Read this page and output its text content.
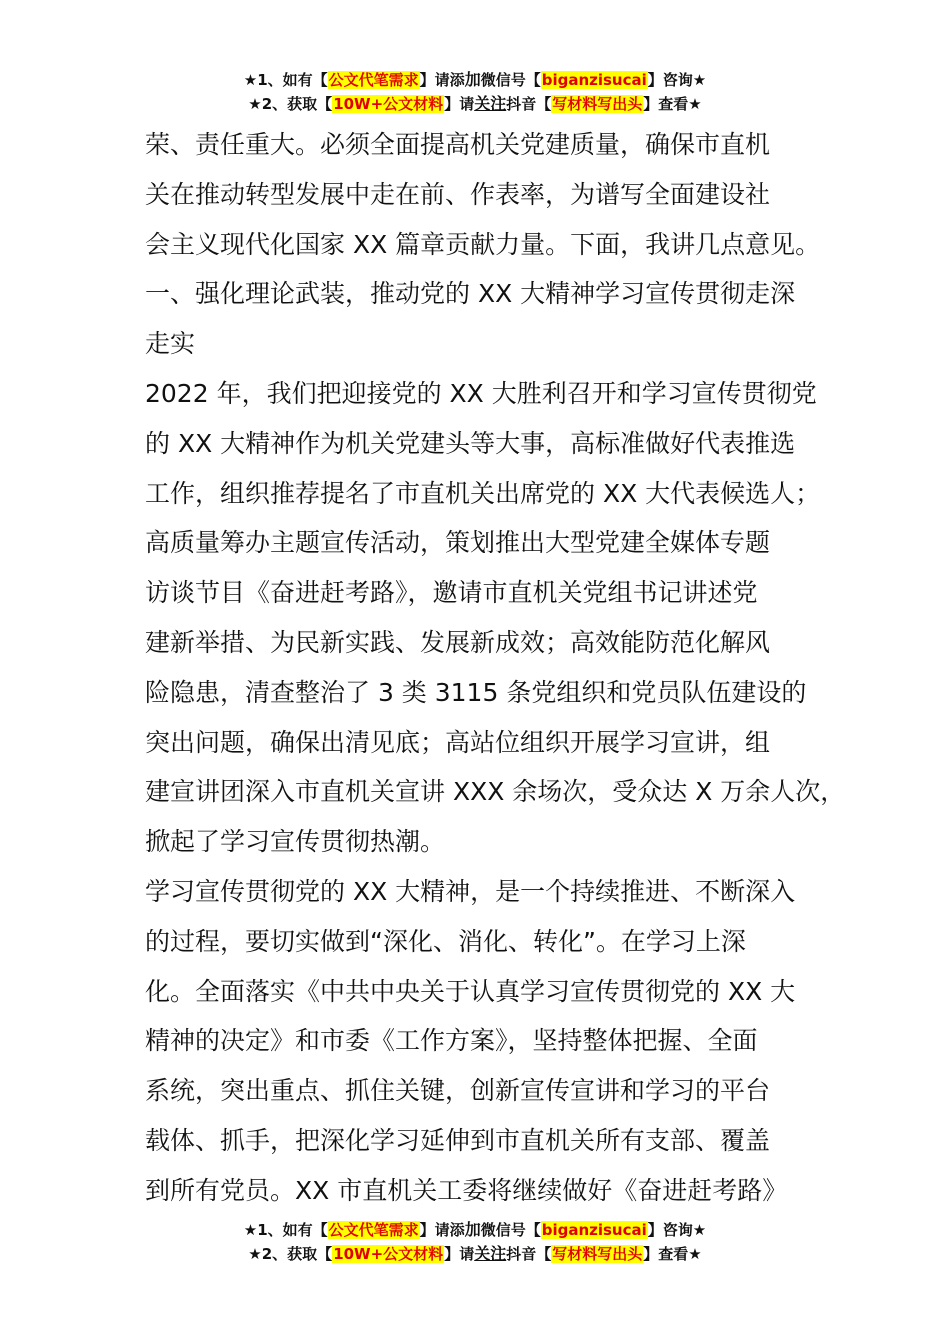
★1、如有【公文代笔需求】请添加微信号【biganzisucai】咨询★
★2、获取【10W+公文材料】请关注抖音【写材料写出头】查看★

荣、责任重大。必须全面提高机关党建质量，确保市直机

关在推动转型发展中走在前、作表率，为谱写全面建设社

会主义现代化国家 XX 篇章贡献力量。下面，我讲几点意见。

一、强化理论武装，推动党的 XX 大精神学习宣传贯彻走深

走实

2022 年，我们把迎接党的 XX 大胜利召开和学习宣传贯彻党

的 XX 大精神作为机关党建头等大事，高标准做好代表推选

工作，组织推荐提名了市直机关出席党的 XX 大代表候选人；

高质量筹办主题宣传活动，策划推出大型党建全媒体专题

访谈节目《奋进赶考路》，邀请市直机关党组书记讲述党

建新举措、为民新实践、发展新成效；高效能防范化解风

险隐患，清查整治了 3 类 3115 条党组织和党员队伍建设的

突出问题，确保出清见底；高站位组织开展学习宣讲，组

建宣讲团深入市直机关宣讲 XXX 余场次，受众达 X 万余人次，

掀起了学习宣传贯彻热潮。

学习宣传贯彻党的 XX 大精神，是一个持续推进、不断深入

的过程，要切实做到“深化、消化、转化”。在学习上深

化。全面落实《中共中央关于认真学习宣传贯彻党的 XX 大

精神的决定》和市委《工作方案》，坚持整体把握、全面

系统，突出重点、抓住关键，创新宣传宣讲和学习的平台

载体、抓手，把深化学习延伸到市直机关所有支部、覆盖

到所有党员。XX 市直机关工委将继续做好《奋进赶考路》

★1、如有【公文代笔需求】请添加微信号【biganzisucai】咨询★
★2、获取【10W+公文材料】请关注抖音【写材料写出头】查看★
